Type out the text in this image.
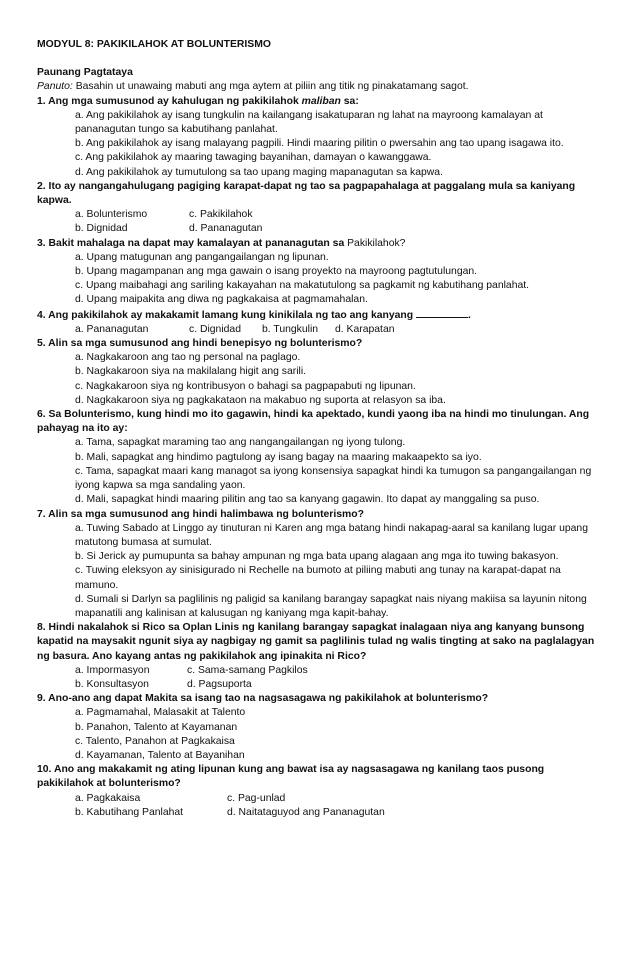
MODYUL 8: PAKIKILAHOK AT BOLUNTERISMO

Paunang Pagtataya

Panuto: Basahin ut unawaing mabuti ang mga aytem at piliin ang titik ng pinakatamang sagot.

1. Ang mga sumusunod ay kahulugan ng pakikilahok maliban sa:

a. Ang pakikilahok ay isang tungkulin na kailangang isakatuparan ng lahat na mayroong kamalayan at pananagutan tungo sa kabutihang panlahat.

b. Ang pakikilahok ay isang malayang pagpili. Hindi maaring pilitin o pwersahin ang tao upang isagawa ito.

c. Ang pakikilahok ay maaring tawaging bayanihan, damayan o kawanggawa.

d. Ang pakikilahok ay tumutulong sa tao upang maging mapanagutan sa kapwa.

2. Ito ay nangangahulugang pagiging karapat-dapat ng tao sa pagpapahalaga at paggalang mula sa kaniyang kapwa.

a. Bolunterismo	c. Pakikilahok
b. Dignidad	d. Pananagutan

3. Bakit mahalaga na dapat may kamalayan at pananagutan sa Pakikilahok?

a. Upang matugunan ang pangangailangan ng lipunan.

b. Upang magampanan ang mga gawain o isang proyekto na mayroong pagtutulungan.

c. Upang maibahagi ang sariling kakayahan na makatutulong sa pagkamit ng kabutihang panlahat.

d. Upang maipakita ang diwa ng pagkakaisa at pagmamahalan.

4. Ang pakikilahok ay makakamit lamang kung kinikilala ng tao ang kanyang	.

a. Pananagutan	c. Dignidad	b. Tungkulin	d. Karapatan

5. Alin sa mga sumusunod ang hindi benepisyo ng bolunterismo?

a. Nagkakaroon ang tao ng personal na paglago.

b. Nagkakaroon siya na makilalang higit ang sarili.

c. Nagkakaroon siya ng kontribusyon o bahagi sa pagpapabuti ng lipunan.

d. Nagkakaroon siya ng pagkakataon na makabuo ng suporta at relasyon sa iba.

6. Sa Bolunterismo, kung hindi mo ito gagawin, hindi ka apektado, kundi yaong iba na hindi mo tinulungan. Ang pahayag na ito ay:

a. Tama, sapagkat maraming tao ang nangangailangan ng iyong tulong.

b. Mali, sapagkat ang hindimo pagtulong ay isang bagay na maaring makaapekto sa iyo.

c. Tama, sapagkat maari kang managot sa iyong konsensiya sapagkat hindi ka tumugon sa pangangailangan ng iyong kapwa sa mga sandaling yaon.

d. Mali, sapagkat hindi maaring pilitin ang tao sa kanyang gagawin. Ito dapat ay manggaling sa puso.

7. Alin sa mga sumusunod ang hindi halimbawa ng bolunterismo?

a. Tuwing Sabado at Linggo ay tinuturan ni Karen ang mga batang hindi nakapag-aaral sa kanilang lugar upang matutong bumasa at sumulat.

b. Si Jerick ay pumupunta sa bahay ampunan ng mga bata upang alagaan ang mga ito tuwing bakasyon.

c. Tuwing eleksyon ay sinisigurado ni Rechelle na bumoto at piliing mabuti ang tunay na karapat-dapat na mamuno.

d. Sumali si Darlyn sa paglilinis ng paligid sa kanilang barangay sapagkat nais niyang makiisa sa layunin nitong mapanatili ang kalinisan at kalusugan ng kaniyang mga kapit-bahay.

8. Hindi nakalahok si Rico sa Oplan Linis ng kanilang barangay sapagkat inalagaan niya ang kanyang bunsong kapatid na maysakit ngunit siya ay nagbigay ng gamit sa paglilinis tulad ng walis tingting at sako na paglalagyan ng basura. Ano kayang antas ng pakikilahok ang ipinakita ni Rico?

a. Impormasyon	c. Sama-samang Pagkilos
b. Konsultasyon	d. Pagsuporta

9. Ano-ano ang dapat Makita sa isang tao na nagsasagawa ng pakikilahok at bolunterismo?

a. Pagmamahal, Malasakit at Talento

b. Panahon, Talento at Kayamanan

c. Talento, Panahon at Pagkakaisa

d. Kayamanan, Talento at Bayanihan

10. Ano ang makakamit ng ating lipunan kung ang bawat isa ay nagsasagawa ng kanilang taos pusong pakikilahok at bolunterismo?

a. Pagkakaisa	c. Pag-unlad
b. Kabutihang Panlahat	d. Naitataguyod ang Pananagutan
